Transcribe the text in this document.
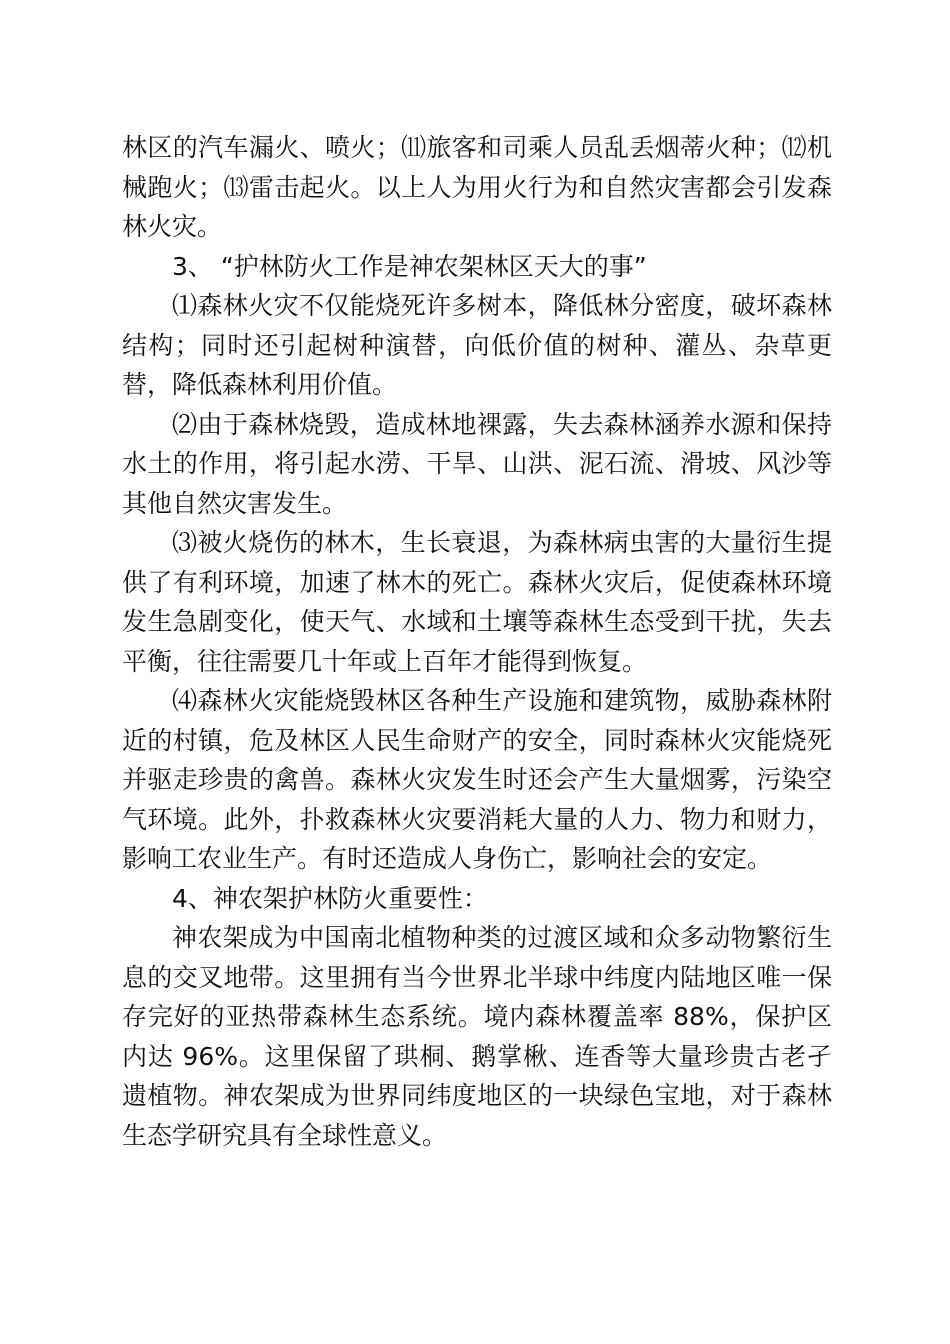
林区的汽车漏火、喷火；⑾旅客和司乘人员乱丢烟蒂火种；⑿机械跑火；⒀雷击起火。以上人为用火行为和自然灾害都会引发森林火灾。

3、 “护林防火工作是神农架林区天大的事”

⑴森林火灾不仅能烧死许多树本，降低林分密度，破坏森林结构；同时还引起树种演替，向低价值的树种、灌丛、杂草更替，降低森林利用价值。

⑵由于森林烧毁，造成林地裸露，失去森林涵养水源和保持水土的作用，将引起水涝、干旱、山洪、泥石流、滑坡、风沙等其他自然灾害发生。

⑶被火烧伤的林木，生长衰退，为森林病虫害的大量衍生提供了有利环境，加速了林木的死亡。森林火灾后，促使森林环境发生急剧变化，使天气、水域和土壤等森林生态受到干扰，失去平衡，往往需要几十年或上百年才能得到恢复。

⑷森林火灾能烧毁林区各种生产设施和建筑物，威胁森林附近的村镇，危及林区人民生命财产的安全，同时森林火灾能烧死并驱走珍贵的禽兽。森林火灾发生时还会产生大量烟雾，污染空气环境。此外，扑救森林火灾要消耗大量的人力、物力和财力，影响工农业生产。有时还造成人身伤亡，影响社会的安定。

4、神农架护林防火重要性：

神农架成为中国南北植物种类的过渡区域和众多动物繁衍生息的交叉地带。这里拥有当今世界北半球中纬度内陆地区唯一保存完好的亚热带森林生态系统。境内森林覆盖率 88%，保护区内达 96%。这里保留了珙桐、鹅掌楸、连香等大量珍贵古老孑遗植物。神农架成为世界同纬度地区的一块绿色宝地，对于森林生态学研究具有全球性意义。
